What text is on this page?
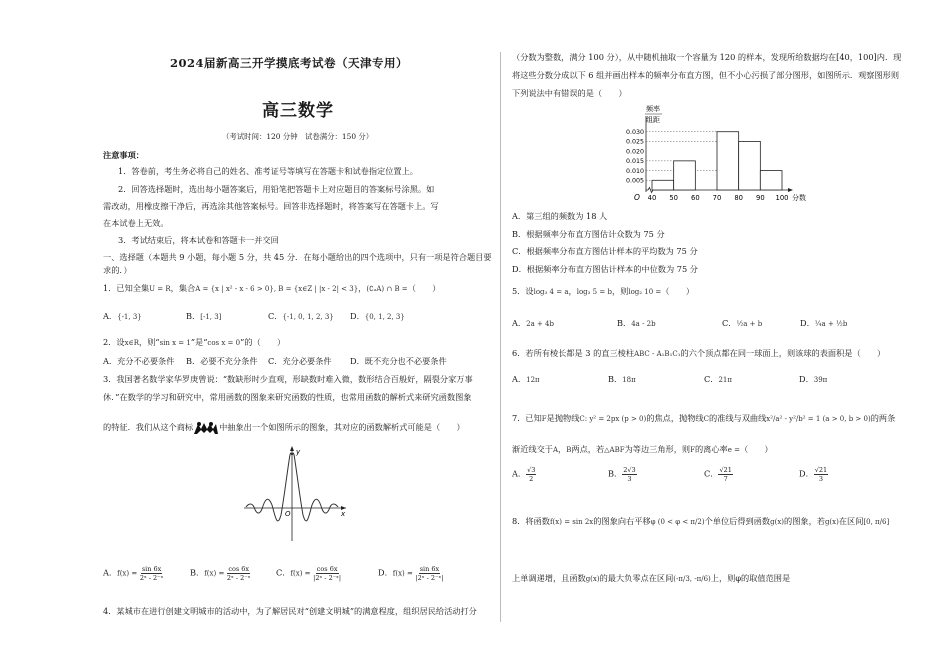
2024届新高三开学摸底考试卷（天津专用）
高三数学
（考试时间：120 分钟　试卷满分：150 分）
注意事项：
1．答卷前，考生务必将自己的姓名、准考证号等填写在答题卡和试卷指定位置上。
2．回答选择题时，选出每小题答案后，用铅笔把答题卡上对应题目的答案标号涂黑。如
需改动，用橡皮擦干净后，再选涂其他答案标号。回答非选择题时，将答案写在答题卡上。写
在本试卷上无效。
3．考试结束后，将本试卷和答题卡一并交回
一、选择题（本题共 9 小题，每小题 5 分，共 45 分．在每小题给出的四个选项中，只有一项是符合题目要
求的．）
1．已知全集U = R，集合A = {x | x² - x - 6 > 0}, B = {x∈Z | |x - 2| < 3}，(∁ᵤA) ∩ B =（　　）
A．{-1, 3}	B．[-1, 3]	C．{-1, 0, 1, 2, 3} D．{0, 1, 2, 3}
2．设x∈R，则“sin x = 1”是“cos x = 0”的（　　）
A．充分不必要条件 B．必要不充分条件 C．充分必要条件 D．既不充分也不必要条件
3．我国著名数学家华罗庚曾说：“数缺形时少直观，形缺数时难入微，数形结合百般好，隔裂分家万事
休．”在数学的学习和研究中，常用函数的图象来研究函数的性质，也常用函数的解析式来研究函数图象
的特征．我们从这个商标	中抽象出一个如图所示的图象，其对应的函数解析式可能是（　　）
y
x
O
A．$f(x) = \frac{\sin 6x}{\text{2ˣ - 2⁻ˣ}}$	B．$f(x) = \frac{\cos 6x}{\text{2ˣ - 2⁻ˣ}}$	C．$f(x) = \frac{\cos 6x}{\text{|2ˣ - 2⁻ˣ|}}$	D．$f(x) = \frac{\sin 6x}{\text{|2ˣ - 2⁻ˣ|}}$
4．某城市在进行创建文明城市的活动中，为了解居民对“创建文明城”的满意程度，组织居民给活动打分
（分数为整数，满分 100 分），从中随机抽取一个容量为 120 的样本，发现所给数据均在[40，100]内．现
将这些分数分成以下 6 组并画出样本的频率分布直方图，但不小心污损了部分图形，如图所示．观察图形则
下列说法中有错误的是（　　）
频率
组距
O	分数
0.030
0.025
0.020
0.015
0.010
0.005
40 50 60 70 80 90 100
A．第三组的频数为 18 人
B．根据频率分布直方图估计众数为 75 分
C．根据频率分布直方图估计样本的平均数为 75 分
D．根据频率分布直方图估计样本的中位数为 75 分
5．设log₃ 4 = a，log₃ 5 = b，则log₂ 10 =（　　）
A．2a + 4b	B．4a - 2b	C．½a + b	D．¼a + ½b
6．若所有棱长都是 3 的直三棱柱ABC - A₁B₁C₁的六个顶点都在同一球面上，则该球的表面积是（　　）
A．12π	B．18π	C．21π	D．39π
7．已知F是抛物线C: y² = 2px (p > 0)的焦点，抛物线C的准线与双曲线x²/a² - y²/b² = 1 (a > 0, b > 0)的两条
渐近线交于A，B两点，若△ABF为等边三角形，则F的离心率e =（　　）
A． $\frac{√3}{2}$	B． $\frac{2√3}{3}$	C． $\frac{√21}{7}$	D． $\frac{√21}{3}$
8．将函数f(x) = sin 2x的图象向右平移φ (0 < φ < π/2)个单位后得到函数g(x)的图象，若g(x)在区间[0, π/6]
上单调递增，且函数g(x)的最大负零点在区间(-π/3, -π/6)上，则φ的取值范围是
